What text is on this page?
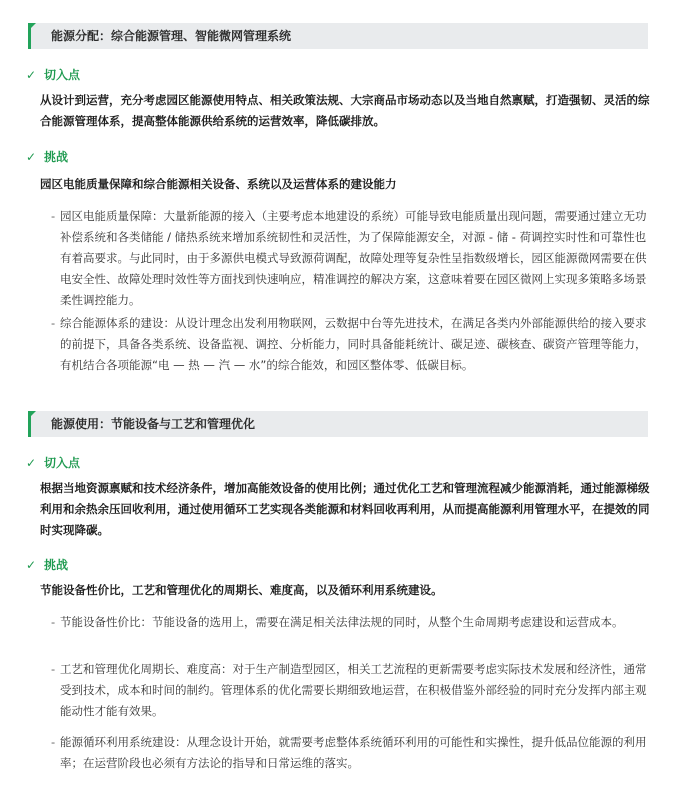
能源分配：综合能源管理、智能微网管理系统
✓ 切入点
从设计到运营，充分考虑园区能源使用特点、相关政策法规、大宗商品市场动态以及当地自然禀赋，打造强韧、灵活的综合能源管理体系，提高整体能源供给系统的运营效率，降低碳排放。
✓ 挑战
园区电能质量保障和综合能源相关设备、系统以及运营体系的建设能力
- 园区电能质量保障：大量新能源的接入（主要考虑本地建设的系统）可能导致电能质量出现问题，需要通过建立无功补偿系统和各类储能 / 储热系统来增加系统韧性和灵活性，为了保障能源安全，对源 - 储 - 荷调控实时性和可靠性也有着高要求。与此同时，由于多源供电模式导致源荷调配，故障处理等复杂性呈指数级增长，园区能源微网需要在供电安全性、故障处理时效性等方面找到快速响应，精准调控的解决方案，这意味着要在园区微网上实现多策略多场景柔性调控能力。
- 综合能源体系的建设：从设计理念出发利用物联网，云数据中台等先进技术，在满足各类内外部能源供给的接入要求的前提下，具备各类系统、设备监视、调控、分析能力，同时具备能耗统计、碳足迹、碳核查、碳资产管理等能力，有机结合各项能源“电 — 热 — 汽 — 水”的综合能效，和园区整体零、低碳目标。
能源使用：节能设备与工艺和管理优化
✓ 切入点
根据当地资源禀赋和技术经济条件，增加高能效设备的使用比例；通过优化工艺和管理流程减少能源消耗，通过能源梯级利用和余热余压回收利用，通过使用循环工艺实现各类能源和材料回收再利用，从而提高能源利用管理水平，在提效的同时实现降碳。
✓ 挑战
节能设备性价比，工艺和管理优化的周期长、难度高，以及循环利用系统建设。
- 节能设备性价比：节能设备的选用上，需要在满足相关法律法规的同时，从整个生命周期考虑建设和运营成本。
- 工艺和管理优化周期长、难度高：对于生产制造型园区，相关工艺流程的更新需要考虑实际技术发展和经济性，通常受到技术，成本和时间的制约。管理体系的优化需要长期细致地运营，在积极借鉴外部经验的同时充分发挥内部主观能动性才能有效果。
- 能源循环利用系统建设：从理念设计开始，就需要考虑整体系统循环利用的可能性和实操性，提升低品位能源的利用率；在运营阶段也必须有方法论的指导和日常运维的落实。
